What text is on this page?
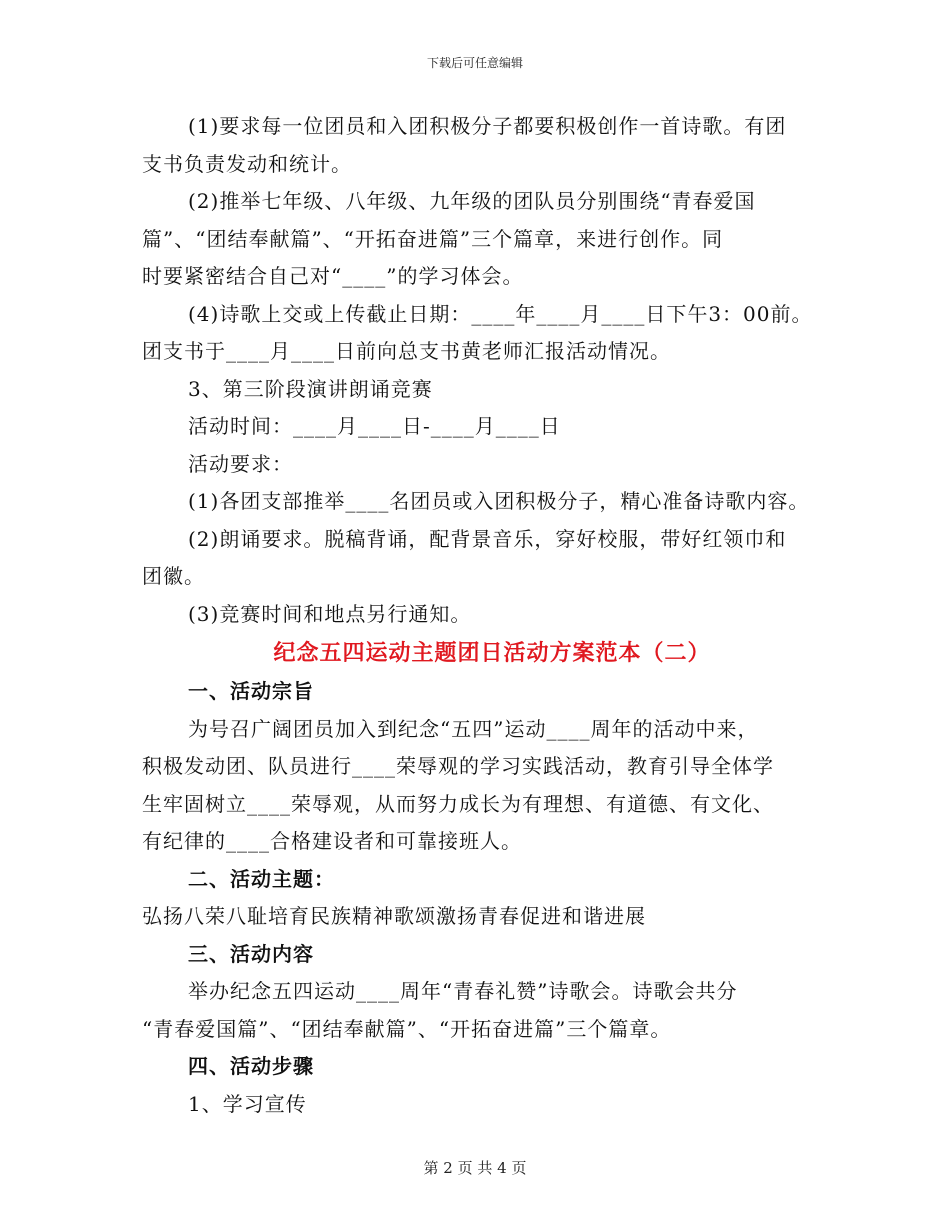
下载后可任意编辑
(1)要求每一位团员和入团积极分子都要积极创作一首诗歌。有团
支书负责发动和统计。
(2)推举七年级、八年级、九年级的团队员分别围绕“青春爱国
篇”、“团结奉献篇”、“开拓奋进篇”三个篇章，来进行创作。同
时要紧密结合自己对“____”的学习体会。
(4)诗歌上交或上传截止日期：____年____月____日下午3：00前。
团支书于____月____日前向总支书黄老师汇报活动情况。
3、第三阶段演讲朗诵竞赛
活动时间：____月____日-____月____日
活动要求：
(1)各团支部推举____名团员或入团积极分子，精心准备诗歌内容。
(2)朗诵要求。脱稿背诵，配背景音乐，穿好校服，带好红领巾和
团徽。
(3)竞赛时间和地点另行通知。
纪念五四运动主题团日活动方案范本（二）
一、活动宗旨
为号召广阔团员加入到纪念“五四”运动____周年的活动中来，
积极发动团、队员进行____荣辱观的学习实践活动，教育引导全体学
生牢固树立____荣辱观，从而努力成长为有理想、有道德、有文化、
有纪律的____合格建设者和可靠接班人。
二、活动主题：
弘扬八荣八耻培育民族精神歌颂激扬青春促进和谐进展
三、活动内容
举办纪念五四运动____周年“青春礼赞”诗歌会。诗歌会共分
“青春爱国篇”、“团结奉献篇”、“开拓奋进篇”三个篇章。
四、活动步骤
1、学习宣传
第 2 页 共 4 页
